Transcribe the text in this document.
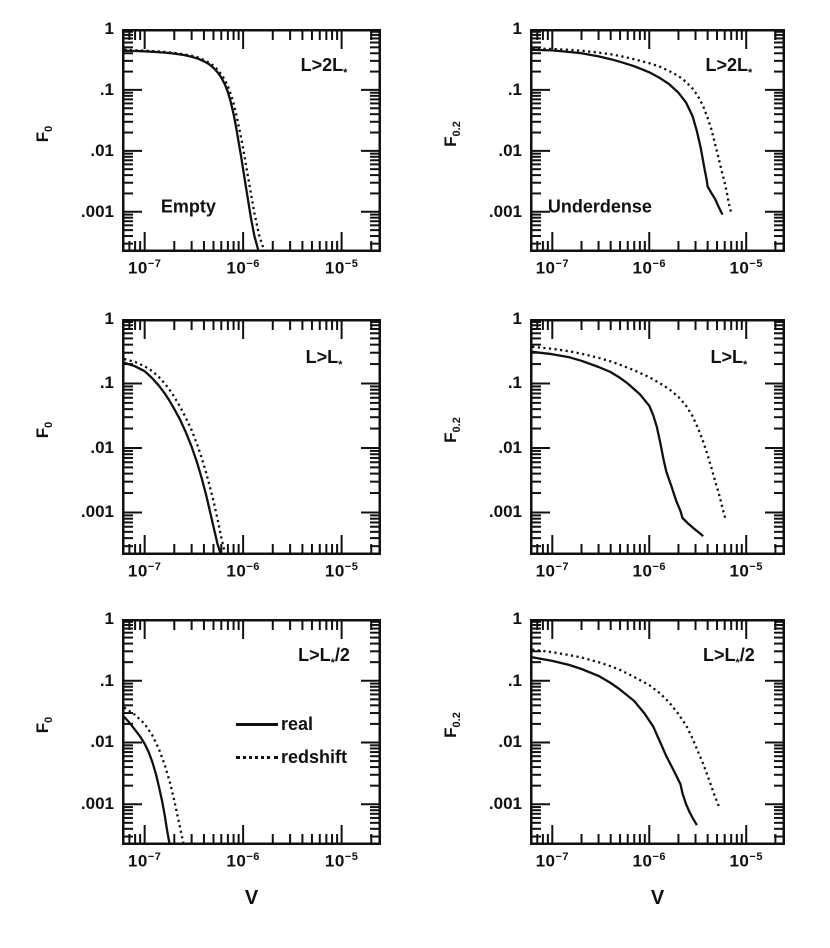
$F_0$
$L>2L_*$
Empty
$10^{-7}$	$10^{-6}$	$10^{-5}$
1
.1
.01
.001
$F_{0.2}$
$L>2L_*$
Underdense
$10^{-7}$	$10^{-6}$	$10^{-5}$
1
.1
.01
.001
$F_0$
$L>L_*$
$10^{-7}$	$10^{-6}$	$10^{-5}$
1
.1
.01
.001
$F_{0.2}$
$L>L_*$
$10^{-7}$	$10^{-6}$	$10^{-5}$
1
.1
.01
.001
$F_0$
$L>L_*/2$
real
redshift
V
$10^{-7}$	$10^{-6}$	$10^{-5}$
1
.1
.01
.001
$F_{0.2}$
$L>L_*/2$
V
$10^{-7}$	$10^{-6}$	$10^{-5}$
1
.1
.01
.001
